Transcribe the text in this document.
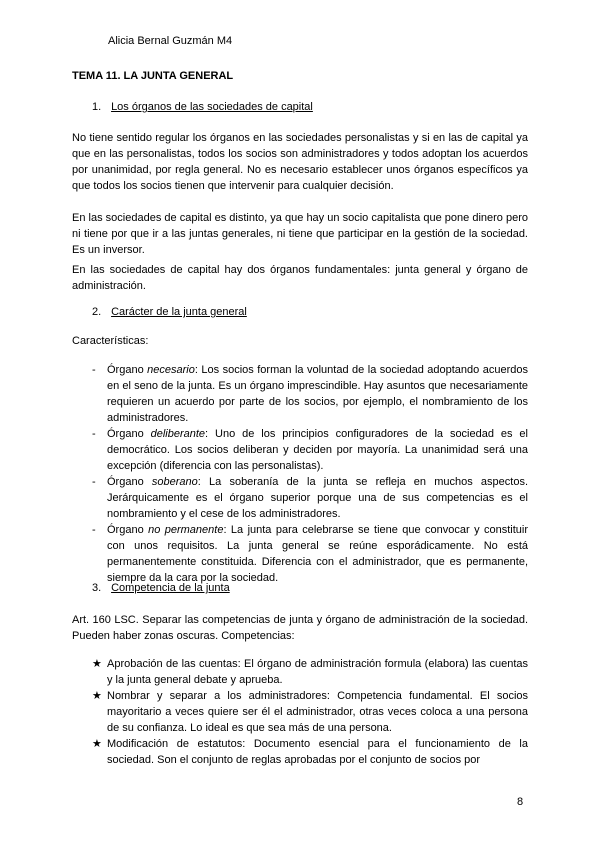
Alicia Bernal Guzmán M4
TEMA 11. LA JUNTA GENERAL
1. Los órganos de las sociedades de capital

No tiene sentido regular los órganos en las sociedades personalistas y si en las de capital ya que en las personalistas, todos los socios son administradores y todos adoptan los acuerdos por unanimidad, por regla general. No es necesario establecer unos órganos específicos ya que todos los socios tienen que intervenir para cualquier decisión.

En las sociedades de capital es distinto, ya que hay un socio capitalista que pone dinero pero ni tiene por que ir a las juntas generales, ni tiene que participar en la gestión de la sociedad. Es un inversor.

En las sociedades de capital hay dos órganos fundamentales: junta general y órgano de administración.

2. Carácter de la junta general

Características:

- Órgano necesario: Los socios forman la voluntad de la sociedad adoptando acuerdos en el seno de la junta. Es un órgano imprescindible. Hay asuntos que necesariamente requieren un acuerdo por parte de los socios, por ejemplo, el nombramiento de los administradores.
- Órgano deliberante: Uno de los principios configuradores de la sociedad es el democrático. Los socios deliberan y deciden por mayoría. La unanimidad será una excepción (diferencia con las personalistas).
- Órgano soberano: La soberanía de la junta se refleja en muchos aspectos. Jerárquicamente es el órgano superior porque una de sus competencias es el nombramiento y el cese de los administradores.
- Órgano no permanente: La junta para celebrarse se tiene que convocar y constituir con unos requisitos. La junta general se reúne esporádicamente. No está permanentemente constituida. Diferencia con el administrador, que es permanente, siempre da la cara por la sociedad.
3. Competencia de la junta

Art. 160 LSC. Separar las competencias de junta y órgano de administración de la sociedad. Pueden haber zonas oscuras. Competencias:

★ Aprobación de las cuentas: El órgano de administración formula (elabora) las cuentas y la junta general debate y aprueba.
★ Nombrar y separar a los administradores: Competencia fundamental. El socios mayoritario a veces quiere ser él el administrador, otras veces coloca a una persona de su confianza. Lo ideal es que sea más de una persona.
★ Modificación de estatutos: Documento esencial para el funcionamiento de la sociedad. Son el conjunto de reglas aprobadas por el conjunto de socios por
8
